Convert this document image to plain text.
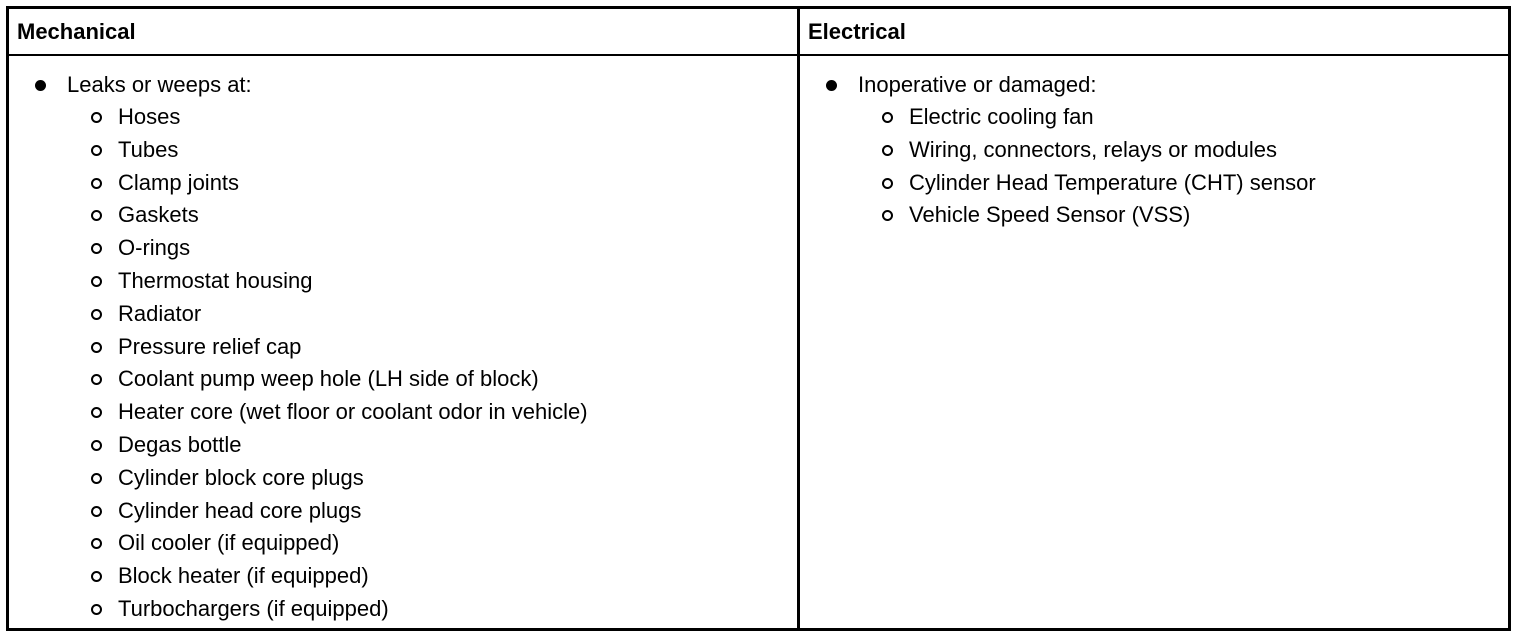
Mechanical
Leaks or weeps at:
Hoses
Tubes
Clamp joints
Gaskets
O-rings
Thermostat housing
Radiator
Pressure relief cap
Coolant pump weep hole (LH side of block)
Heater core (wet floor or coolant odor in vehicle)
Degas bottle
Cylinder block core plugs
Cylinder head core plugs
Oil cooler (if equipped)
Block heater (if equipped)
Turbochargers (if equipped)
Electrical
Inoperative or damaged:
Electric cooling fan
Wiring, connectors, relays or modules
Cylinder Head Temperature (CHT) sensor
Vehicle Speed Sensor (VSS)
